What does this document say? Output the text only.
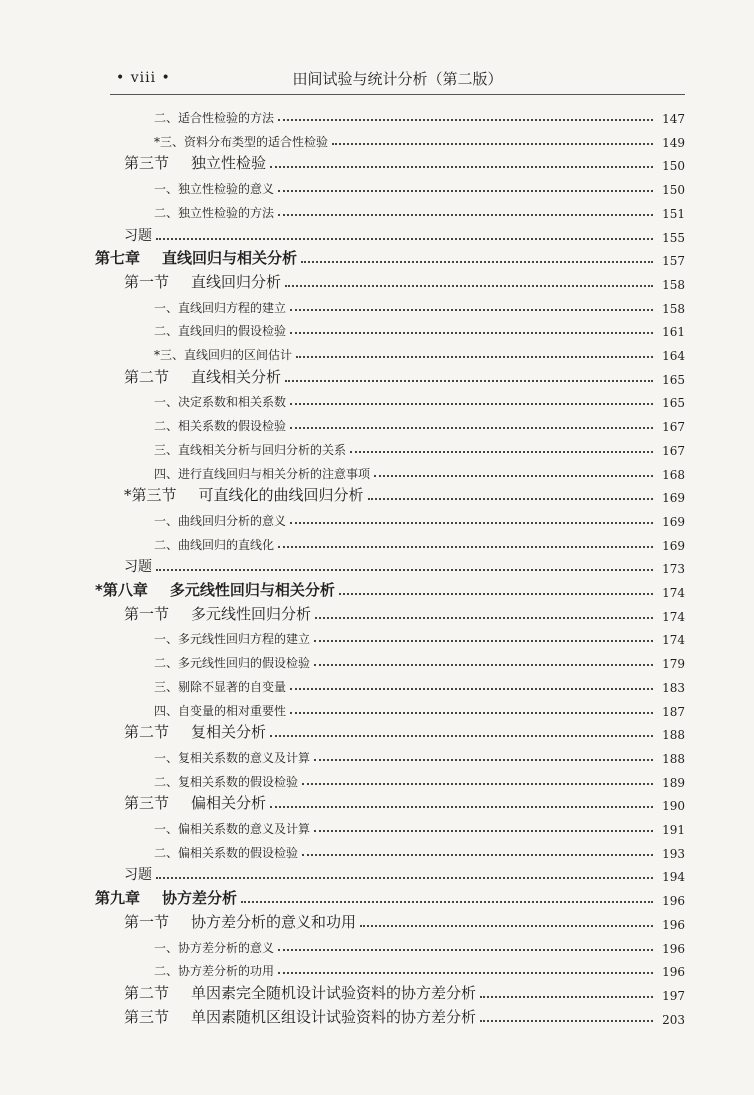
• viii •	田间试验与统计分析（第二版）
二、适合性检验的方法	147
*三、资料分布类型的适合性检验	149
第三节 独立性检验	150
一、独立性检验的意义	150
二、独立性检验的方法	151
习题	155
第七章 直线回归与相关分析	157
第一节 直线回归分析	158
一、直线回归方程的建立	158
二、直线回归的假设检验	161
*三、直线回归的区间估计	164
第二节 直线相关分析	165
一、决定系数和相关系数	165
二、相关系数的假设检验	167
三、直线相关分析与回归分析的关系	167
四、进行直线回归与相关分析的注意事项	168
*第三节 可直线化的曲线回归分析	169
一、曲线回归分析的意义	169
二、曲线回归的直线化	169
习题	173
*第八章 多元线性回归与相关分析	174
第一节 多元线性回归分析	174
一、多元线性回归方程的建立	174
二、多元线性回归的假设检验	179
三、剔除不显著的自变量	183
四、自变量的相对重要性	187
第二节 复相关分析	188
一、复相关系数的意义及计算	188
二、复相关系数的假设检验	189
第三节 偏相关分析	190
一、偏相关系数的意义及计算	191
二、偏相关系数的假设检验	193
习题	194
第九章 协方差分析	196
第一节 协方差分析的意义和功用	196
一、协方差分析的意义	196
二、协方差分析的功用	196
第二节 单因素完全随机设计试验资料的协方差分析	197
第三节 单因素随机区组设计试验资料的协方差分析	203
